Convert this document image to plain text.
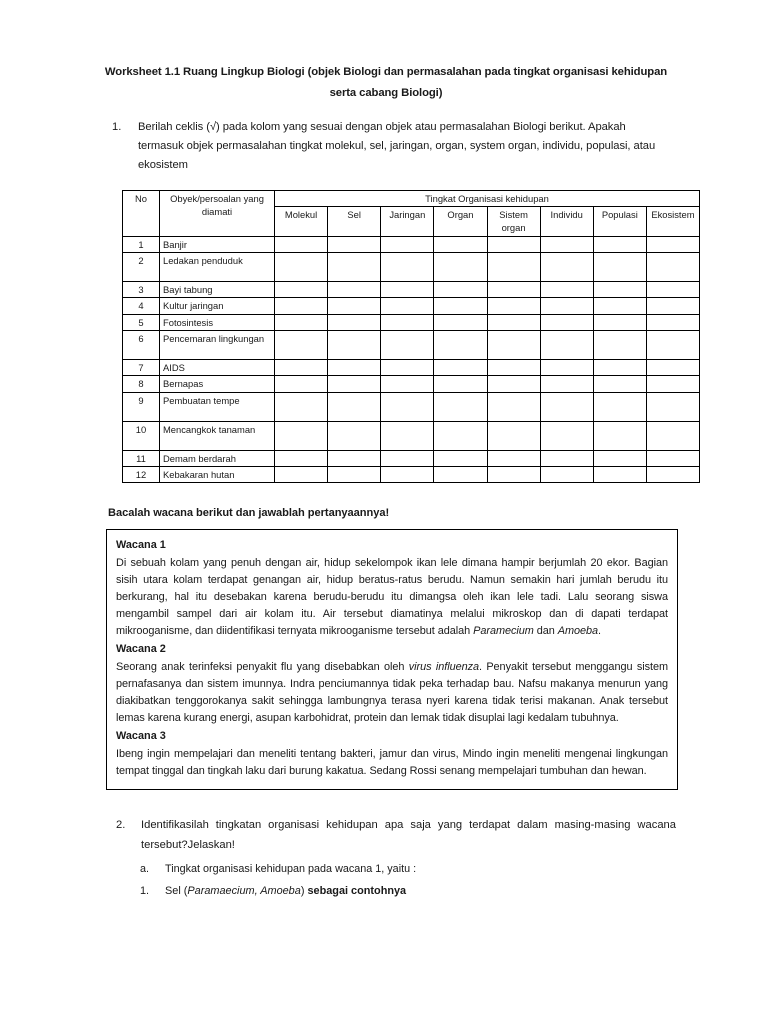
Worksheet 1.1 Ruang Lingkup Biologi (objek Biologi dan permasalahan pada tingkat organisasi kehidupan serta cabang Biologi)
1.	Berilah ceklis (√) pada kolom yang sesuai dengan objek atau permasalahan Biologi berikut. Apakah termasuk objek permasalahan tingkat molekul, sel, jaringan, organ, system organ, individu, populasi, atau ekosistem
No	Obyek/persoalan yang diamati	Tingkat Organisasi kehidupan							
		Molekul	Sel	Jaringan	Organ	Sistem organ	Individu	Populasi	Ekosistem
1	Banjir								
2	Ledakan penduduk								
3	Bayi tabung								
4	Kultur jaringan								
5	Fotosintesis								
6	Pencemaran lingkungan								
7	AIDS								
8	Bernapas								
9	Pembuatan tempe								
10	Mencangkok tanaman								
11	Demam berdarah								
12	Kebakaran hutan								
Bacalah wacana berikut dan jawablah pertanyaannya!
Wacana 1

Di sebuah kolam yang penuh dengan air, hidup sekelompok ikan lele dimana hampir berjumlah 20 ekor. Bagian sisih utara kolam terdapat genangan air, hidup beratus-ratus berudu. Namun semakin hari jumlah berudu itu berkurang, hal itu desebakan karena berudu-berudu itu dimangsa oleh ikan lele tadi. Lalu seorang siswa mengambil sampel dari air kolam itu. Air tersebut diamatinya melalui mikroskop dan di dapati terdapat mikrooganisme, dan diidentifikasi ternyata mikrooganisme tersebut adalah Paramecium dan Amoeba.

Wacana 2

Seorang anak terinfeksi penyakit flu yang disebabkan oleh virus influenza. Penyakit tersebut menggangu sistem pernafasanya dan sistem imunnya. Indra penciumannya tidak peka terhadap bau. Nafsu makanya menurun yang diakibatkan tenggorokanya sakit sehingga lambungnya terasa nyeri karena tidak terisi makanan. Anak tersebut lemas karena kurang energi, asupan karbohidrat, protein dan lemak tidak disuplai lagi kedalam tubuhnya.

Wacana 3

Ibeng ingin mempelajari dan meneliti tentang bakteri, jamur dan virus, Mindo ingin meneliti mengenai lingkungan tempat tinggal dan tingkah laku dari burung kakatua. Sedang Rossi senang mempelajari tumbuhan dan hewan.

2.	Identifikasilah tingkatan organisasi kehidupan apa saja yang terdapat dalam masing-masing wacana tersebut?Jelaskan!
a.	Tingkat organisasi kehidupan pada wacana 1, yaitu :
1.	Sel (Paramaecium, Amoeba) sebagai contohnya
